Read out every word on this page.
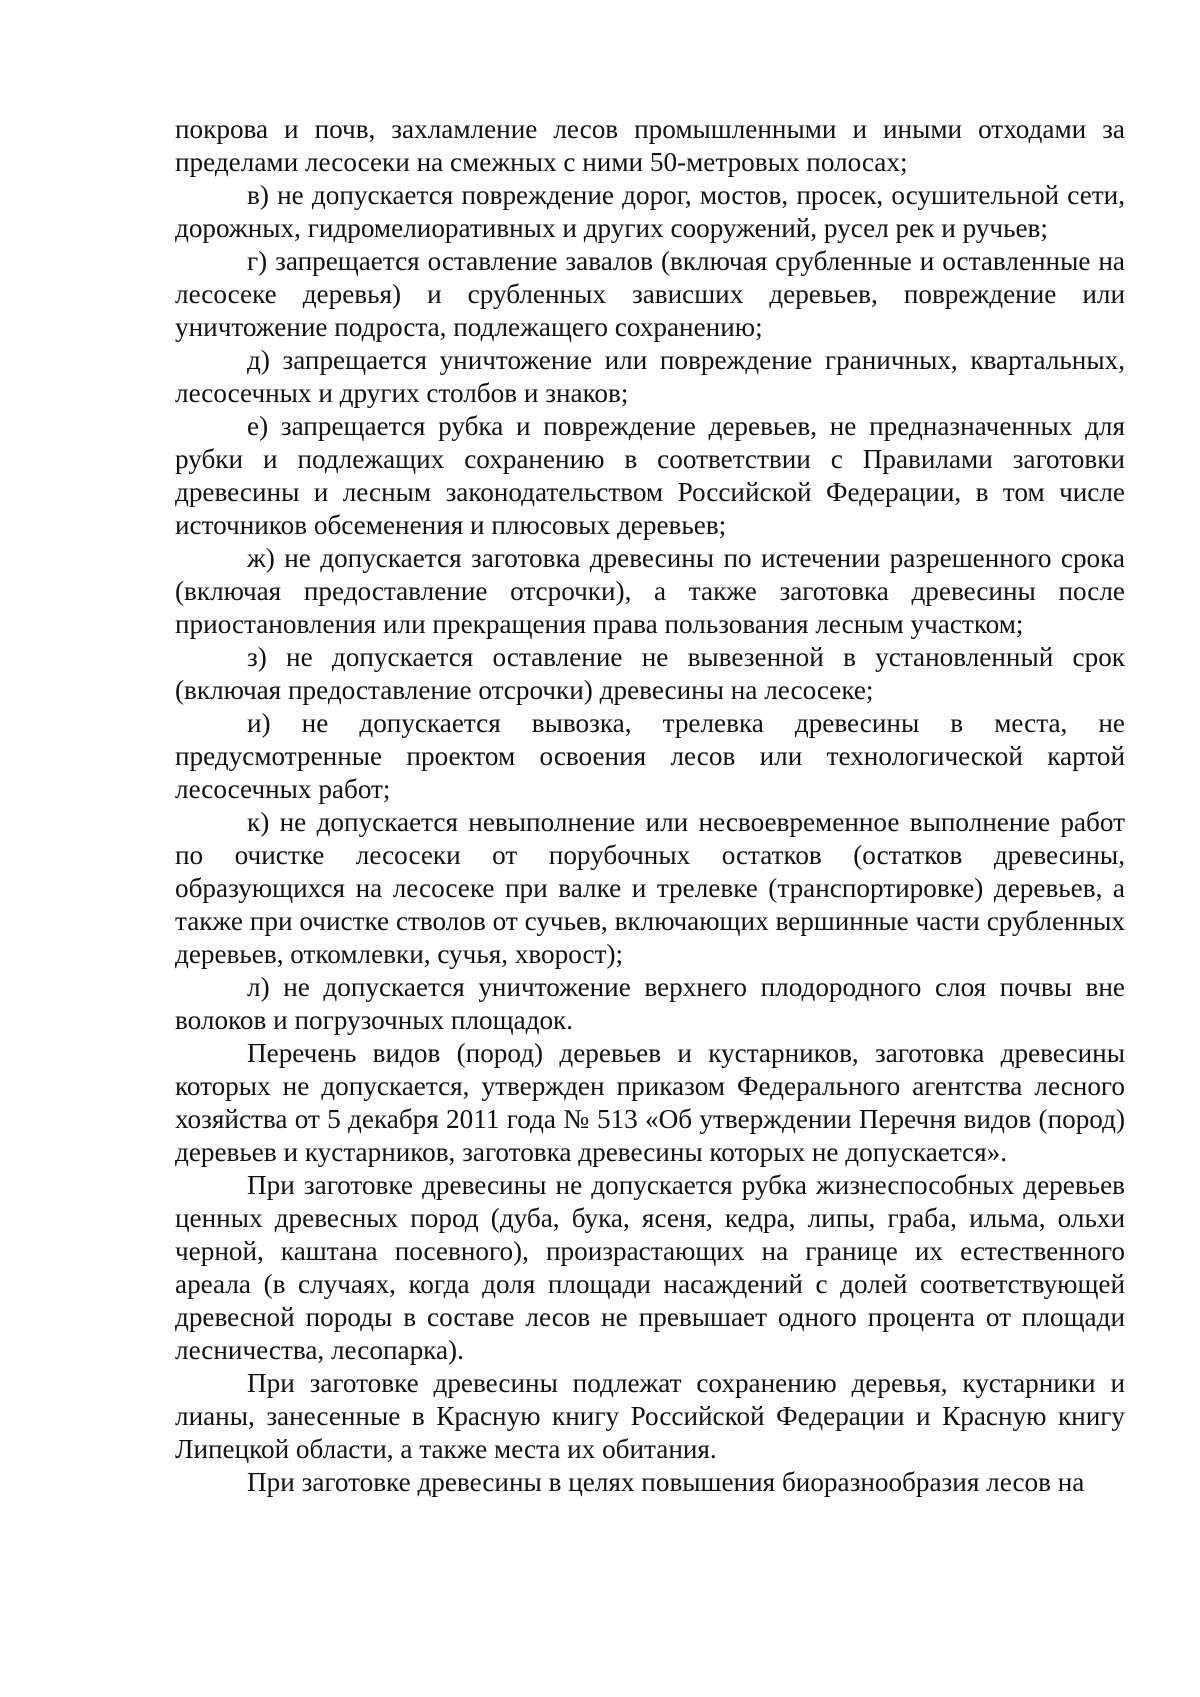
покрова и почв, захламление лесов промышленными и иными отходами за пределами лесосеки на смежных с ними 50-метровых полосах;

в) не допускается повреждение дорог, мостов, просек, осушительной сети, дорожных, гидромелиоративных и других сооружений, русел рек и ручьев;

г) запрещается оставление завалов (включая срубленные и оставленные на лесосеке деревья) и срубленных зависших деревьев, повреждение или уничтожение подроста, подлежащего сохранению;

д) запрещается уничтожение или повреждение граничных, квартальных, лесосечных и других столбов и знаков;

е) запрещается рубка и повреждение деревьев, не предназначенных для рубки и подлежащих сохранению в соответствии с Правилами заготовки древесины и лесным законодательством Российской Федерации, в том числе источников обсеменения и плюсовых деревьев;

ж) не допускается заготовка древесины по истечении разрешенного срока (включая предоставление отсрочки), а также заготовка древесины после приостановления или прекращения права пользования лесным участком;

з) не допускается оставление не вывезенной в установленный срок (включая предоставление отсрочки) древесины на лесосеке;

и) не допускается вывозка, трелевка древесины в места, не предусмотренные проектом освоения лесов или технологической картой лесосечных работ;

к) не допускается невыполнение или несвоевременное выполнение работ по очистке лесосеки от порубочных остатков (остатков древесины, образующихся на лесосеке при валке и трелевке (транспортировке) деревьев, а также при очистке стволов от сучьев, включающих вершинные части срубленных деревьев, откомлевки, сучья, хворост);

л) не допускается уничтожение верхнего плодородного слоя почвы вне волоков и погрузочных площадок.

Перечень видов (пород) деревьев и кустарников, заготовка древесины которых не допускается, утвержден приказом Федерального агентства лесного хозяйства от 5 декабря 2011 года № 513 «Об утверждении Перечня видов (пород) деревьев и кустарников, заготовка древесины которых не допускается».

При заготовке древесины не допускается рубка жизнеспособных деревьев ценных древесных пород (дуба, бука, ясеня, кедра, липы, граба, ильма, ольхи черной, каштана посевного), произрастающих на границе их естественного ареала (в случаях, когда доля площади насаждений с долей соответствующей древесной породы в составе лесов не превышает одного процента от площади лесничества, лесопарка).

При заготовке древесины подлежат сохранению деревья, кустарники и лианы, занесенные в Красную книгу Российской Федерации и Красную книгу Липецкой области, а также места их обитания.

При заготовке древесины в целях повышения биоразнообразия лесов на
